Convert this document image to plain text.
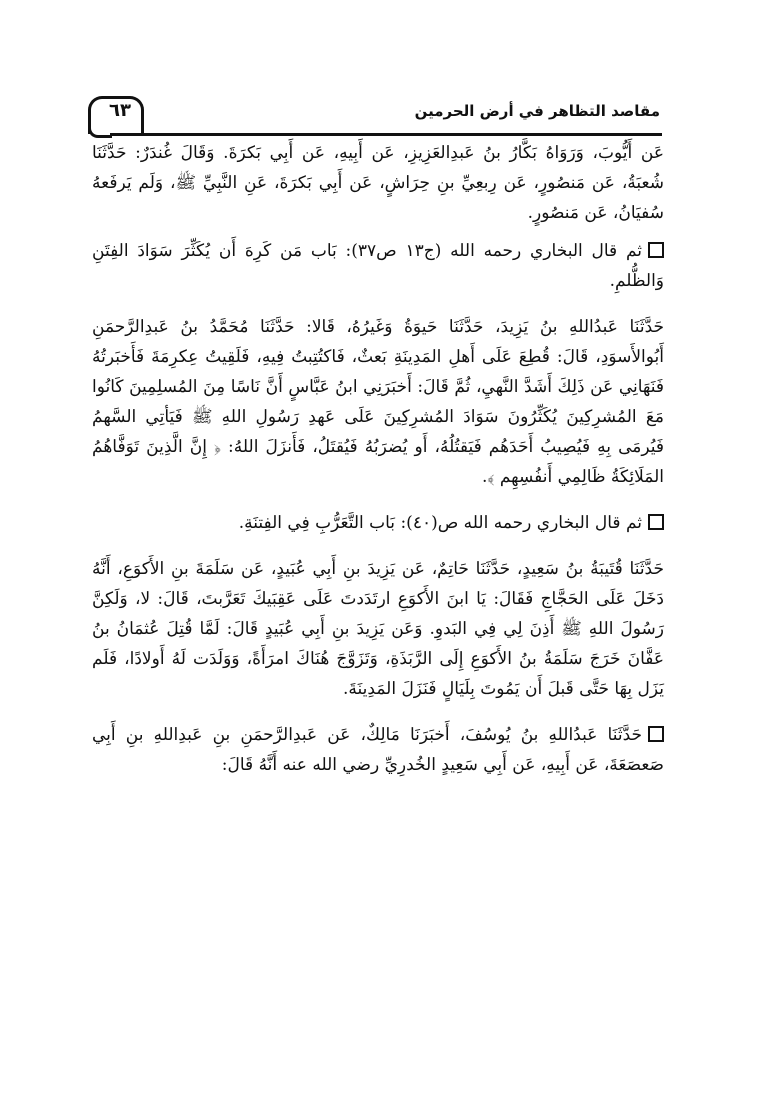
٦٣	مقاصد التظاهر في أرض الحرمين

عَن أَيُّوبَ، وَرَوَاهُ بَكَّارُ بنُ عَبدِالعَزِيزِ، عَن أَبِيهِ، عَن أَبِي بَكرَةَ. وَقَالَ غُندَرٌ: حَدَّثَنَا شُعبَةُ، عَن مَنصُورٍ، عَن رِبعِيِّ بنِ حِرَاشٍ، عَن أَبِي بَكرَةَ، عَنِ النَّبِيِّ ﷺ، وَلَم يَرفَعهُ سُفيَانُ، عَن مَنصُورٍ.

ثم قال البخاري رحمه الله (ج١٣ ص٣٧): بَاب مَن كَرِهَ أَن يُكَثِّرَ سَوَادَ الفِتَنِ وَالظُّلمِ.

حَدَّثَنَا عَبدُاللهِ بنُ يَزِيدَ، حَدَّثَنَا حَيوَةُ وَغَيرُهُ، قَالا: حَدَّثَنَا مُحَمَّدُ بنُ عَبدِالرَّحمَنِ أَبُوالأَسوَدِ، قَالَ: قُطِعَ عَلَى أَهلِ المَدِينَةِ بَعثٌ، فَاكتُتِبتُ فِيهِ، فَلَقِيتُ عِكرِمَةَ فَأَخبَرتُهُ فَنَهَانِي عَن ذَلِكَ أَشَدَّ النَّهيِ، ثُمَّ قَالَ: أَخبَرَنِي ابنُ عَبَّاسٍ أَنَّ نَاسًا مِنَ المُسلِمِينَ كَانُوا مَعَ المُشرِكِينَ يُكَثِّرُونَ سَوَادَ المُشرِكِينَ عَلَى عَهدِ رَسُولِ اللهِ ﷺ فَيَأتِي السَّهمُ فَيُرمَى بِهِ فَيُصِيبُ أَحَدَهُم فَيَقتُلُهُ، أَو يُضرَبُهُ فَيُقتَلُ، فَأَنزَلَ اللهُ: ﴿ إِنَّ الَّذِينَ تَوَفَّاهُمُ المَلَائِكَةُ ظَالِمِي أَنفُسِهِم ﴾.

ثم قال البخاري رحمه الله ص(٤٠): بَاب التَّعَرُّبِ فِي الفِتنَةِ.

حَدَّثَنَا قُتَيبَةُ بنُ سَعِيدٍ، حَدَّثَنَا حَاتِمٌ، عَن يَزِيدَ بنِ أَبِي عُبَيدٍ، عَن سَلَمَةَ بنِ الأَكوَعِ، أَنَّهُ دَخَلَ عَلَى الحَجَّاجِ فَقَالَ: يَا ابنَ الأَكوَعِ ارتَدَدتَ عَلَى عَقِبَيكَ تَعَرَّبتَ، قَالَ: لا، وَلَكِنَّ رَسُولَ اللهِ ﷺ أَذِنَ لِي فِي البَدوِ. وَعَن يَزِيدَ بنِ أَبِي عُبَيدٍ قَالَ: لَمَّا قُتِلَ عُثمَانُ بنُ عَفَّانَ خَرَجَ سَلَمَةُ بنُ الأَكوَعِ إِلَى الرَّبَذَةِ، وَتَزَوَّجَ هُنَاكَ امرَأَةً، وَوَلَدَت لَهُ أَولادًا، فَلَم يَزَل بِهَا حَتَّى قَبلَ أَن يَمُوتَ بِلَيَالٍ فَنَزَلَ المَدِينَةَ.

حَدَّثَنَا عَبدُاللهِ بنُ يُوسُفَ، أَخبَرَنَا مَالِكٌ، عَن عَبدِالرَّحمَنِ بنِ عَبدِاللهِ بنِ أَبِي صَعصَعَةَ، عَن أَبِيهِ، عَن أَبِي سَعِيدٍ الخُدرِيِّ رضي الله عنه أَنَّهُ قَالَ:
